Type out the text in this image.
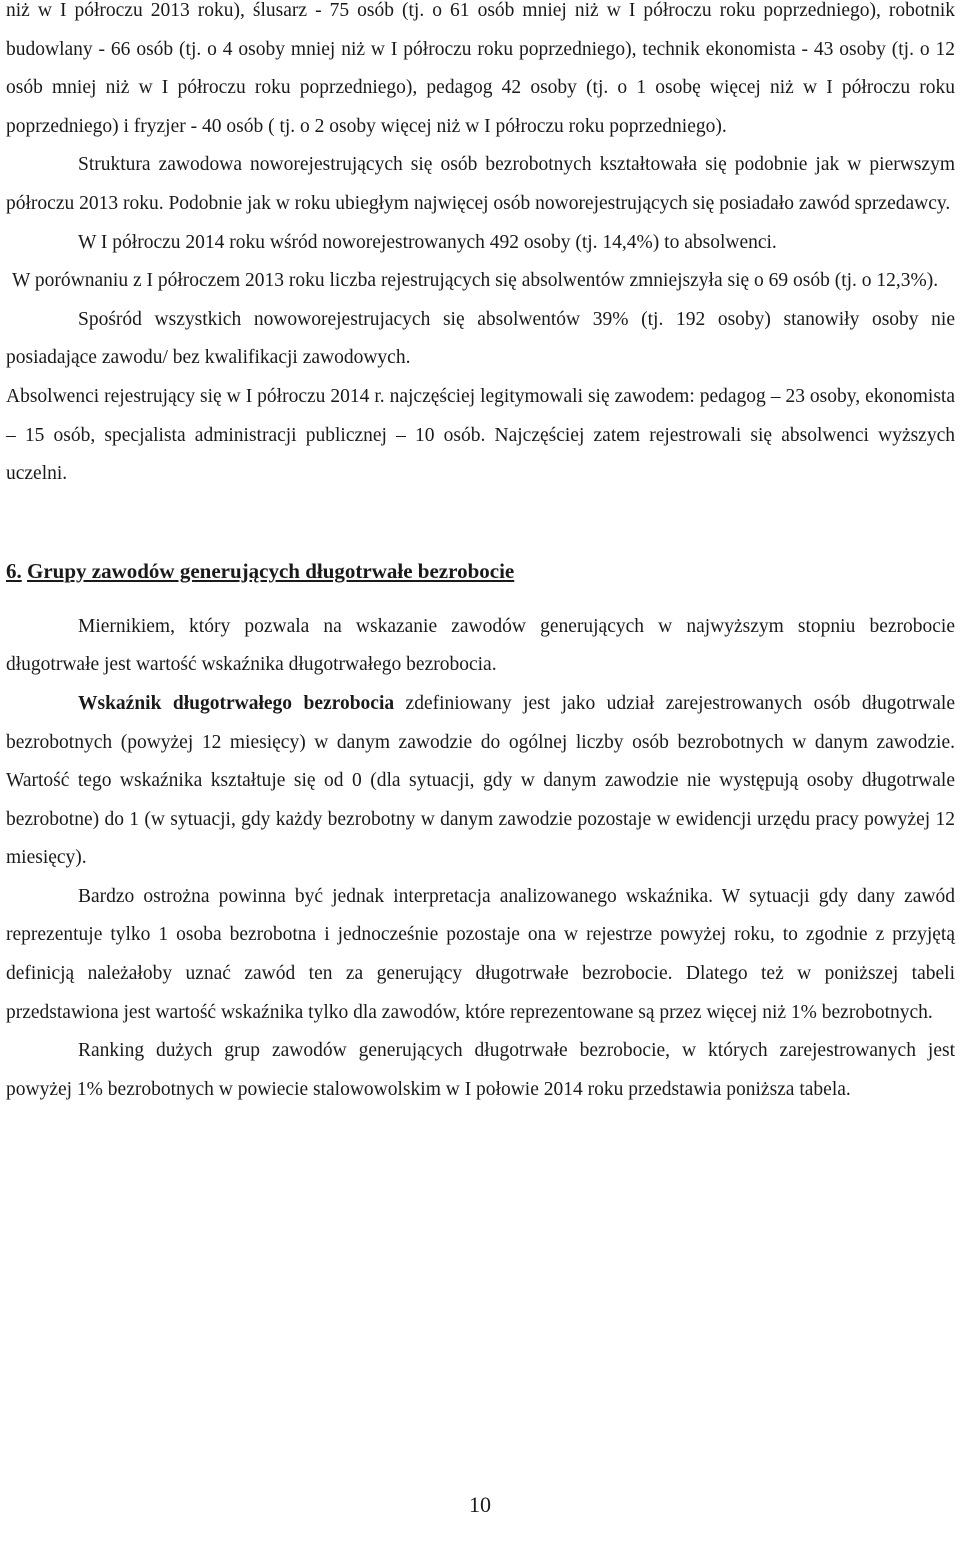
niż w I półroczu 2013 roku), ślusarz - 75 osób (tj. o 61 osób mniej niż w I półroczu roku poprzedniego), robotnik budowlany - 66 osób (tj. o 4 osoby mniej niż w I półroczu roku poprzedniego), technik ekonomista - 43 osoby (tj. o 12 osób mniej niż w I półroczu roku poprzedniego), pedagog 42 osoby (tj. o 1 osobę więcej niż w I półroczu roku poprzedniego) i fryzjer - 40 osób ( tj. o 2 osoby więcej niż w I półroczu roku poprzedniego).

Struktura zawodowa noworejestrujących się osób bezrobotnych kształtowała się podobnie jak w pierwszym półroczu 2013 roku. Podobnie jak w roku ubiegłym najwięcej osób noworejestrujących się posiadało zawód sprzedawcy.

W I półroczu 2014 roku wśród noworejestrowanych 492 osoby (tj. 14,4%) to absolwenci.

W porównaniu z I półroczem 2013 roku liczba rejestrujących się absolwentów zmniejszyła się o 69 osób (tj. o 12,3%).

Spośród wszystkich nowoworejestrujacych się absolwentów 39% (tj. 192 osoby) stanowiły osoby nie posiadające zawodu/ bez kwalifikacji zawodowych.

Absolwenci rejestrujący się w I półroczu 2014 r. najczęściej legitymowali się zawodem: pedagog ‒ 23 osoby, ekonomista ‒ 15 osób, specjalista administracji publicznej ‒ 10 osób. Najczęściej zatem rejestrowali się absolwenci wyższych uczelni.

6. Grupy zawodów generujących długotrwałe bezrobocie

Miernikiem, który pozwala na wskazanie zawodów generujących w najwyższym stopniu bezrobocie długotrwałe jest wartość wskaźnika długotrwałego bezrobocia.

Wskaźnik długotrwałego bezrobocia zdefiniowany jest jako udział zarejestrowanych osób długotrwale bezrobotnych (powyżej 12 miesięcy) w danym zawodzie do ogólnej liczby osób bezrobotnych w danym zawodzie. Wartość tego wskaźnika kształtuje się od 0 (dla sytuacji, gdy w danym zawodzie nie występują osoby długotrwale bezrobotne) do 1 (w sytuacji, gdy każdy bezrobotny w danym zawodzie pozostaje w ewidencji urzędu pracy powyżej 12 miesięcy).

Bardzo ostrożna powinna być jednak interpretacja analizowanego wskaźnika. W sytuacji gdy dany zawód reprezentuje tylko 1 osoba bezrobotna i jednocześnie pozostaje ona w rejestrze powyżej roku, to zgodnie z przyjętą definicją należałoby uznać zawód ten za generujący długotrwałe bezrobocie. Dlatego też w poniższej tabeli przedstawiona jest wartość wskaźnika tylko dla zawodów, które reprezentowane są przez więcej niż 1% bezrobotnych.

Ranking dużych grup zawodów generujących długotrwałe bezrobocie, w których zarejestrowanych jest powyżej 1% bezrobotnych w powiecie stalowowolskim w I połowie 2014 roku przedstawia poniższa tabela.

10
